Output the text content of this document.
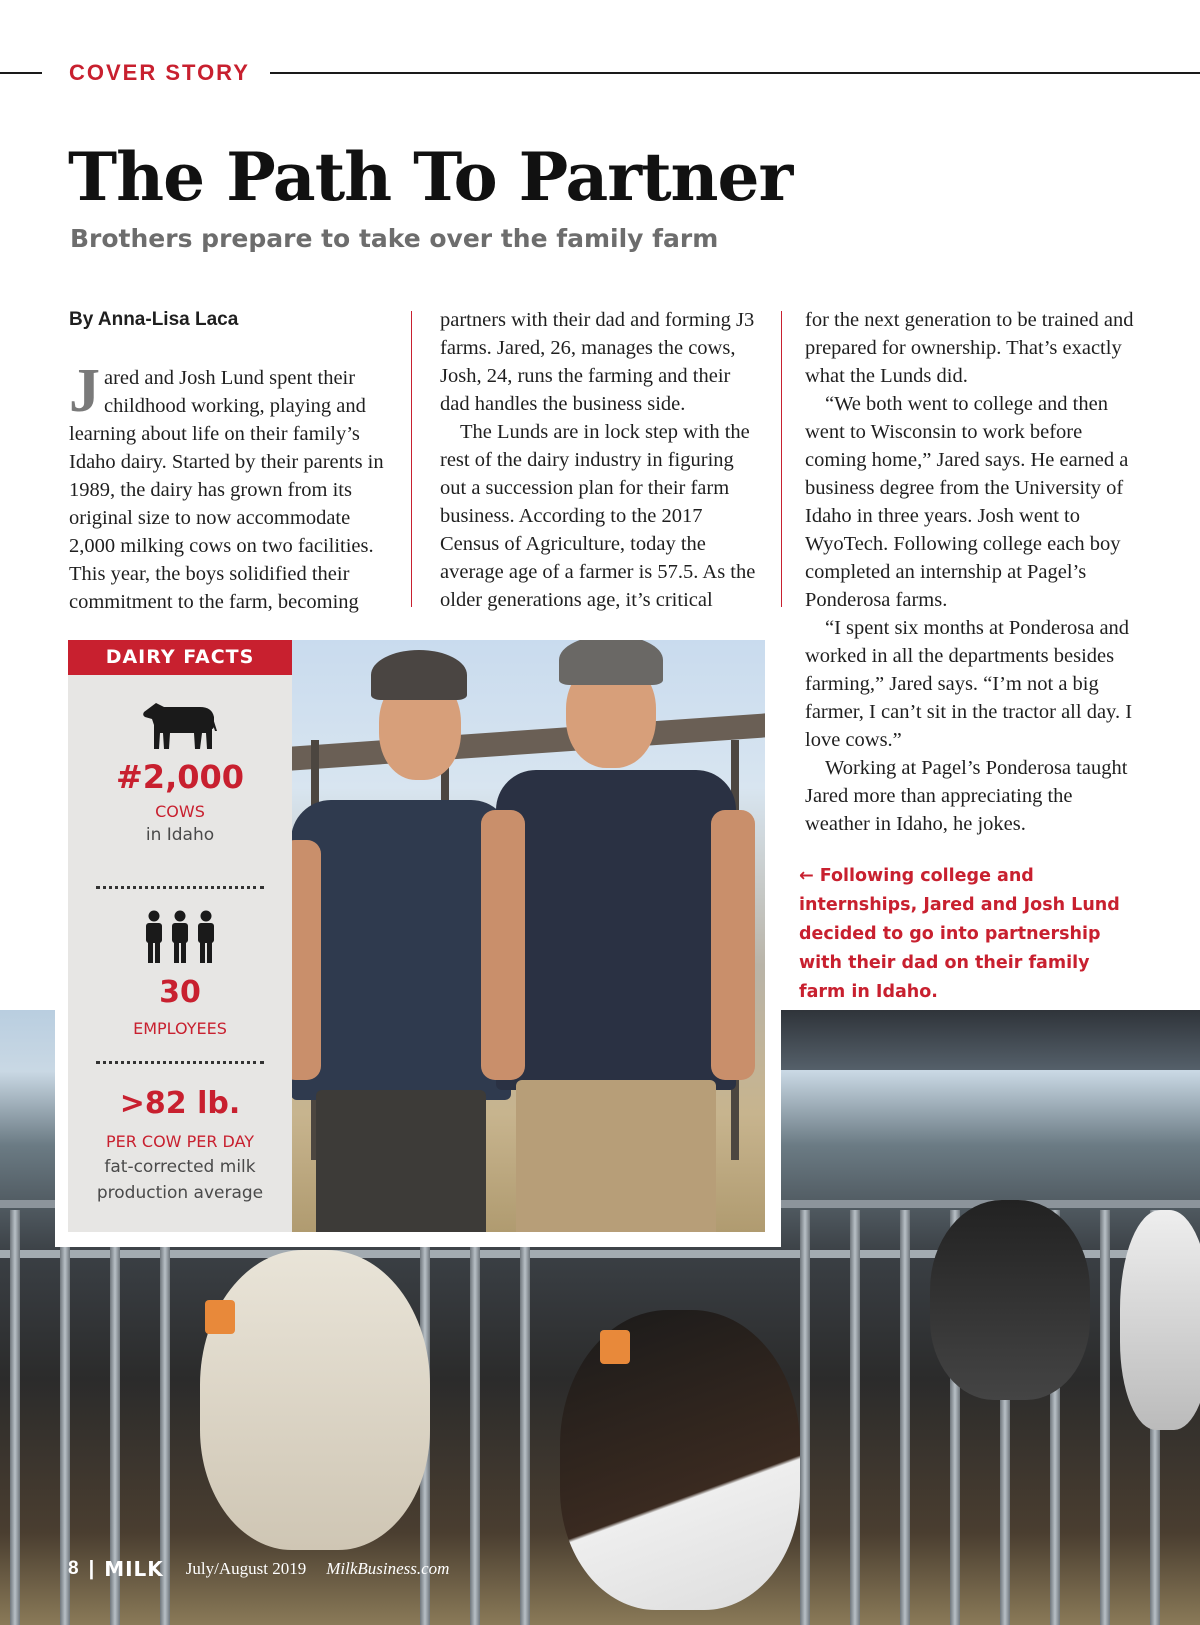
COVER STORY
The Path To Partner
Brothers prepare to take over the family farm
By Anna-Lisa Laca

Jared and Josh Lund spent their childhood working, playing and learning about life on their family’s Idaho dairy. Started by their parents in 1989, the dairy has grown from its original size to now accommodate 2,000 milking cows on two facilities. This year, the boys solidified their commitment to the farm, becoming

partners with their dad and forming J3 farms. Jared, 26, manages the cows, Josh, 24, runs the farming and their dad handles the business side.

The Lunds are in lock step with the rest of the dairy industry in figuring out a succession plan for their farm business. According to the 2017 Census of Agriculture, today the average age of a farmer is 57.5. As the older generations age, it’s critical

for the next generation to be trained and prepared for ownership. That’s exactly what the Lunds did.

“We both went to college and then went to Wisconsin to work before coming home,” Jared says. He earned a business degree from the University of Idaho in three years. Josh went to WyoTech. Following college each boy completed an internship at Pagel’s Ponderosa farms.

“I spent six months at Ponderosa and worked in all the departments besides farming,” Jared says. “I’m not a big farmer, I can’t sit in the tractor all day. I love cows.”

Working at Pagel’s Ponderosa taught Jared more than appreciating the weather in Idaho, he jokes.

← Following college and internships, Jared and Josh Lund decided to go into partnership with their dad on their family farm in Idaho.
DAIRY FACTS
#2,000
COWS
in Idaho
30
EMPLOYEES
>82 lb.
PER COW PER DAY
fat-corrected milk
production average
8 | MILK July/August 2019 MilkBusiness.com
